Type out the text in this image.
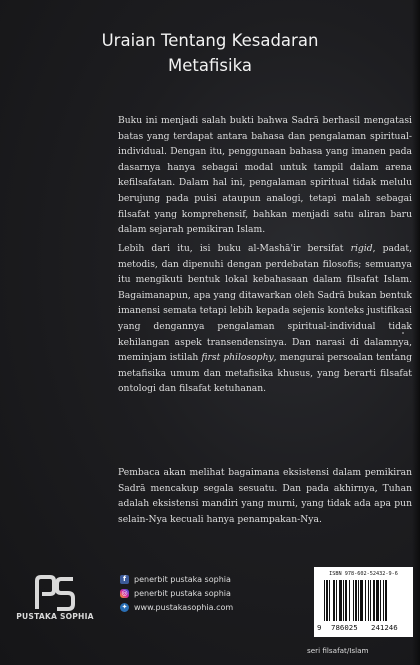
Uraian Tentang Kesadaran
Metafisika

Buku ini menjadi salah bukti bahwa Sadrā berhasil mengatasi batas yang terdapat antara bahasa dan pengalaman spiritual-individual. Dengan itu, penggunaan bahasa yang imanen pada dasarnya hanya sebagai modal untuk tampil dalam arena kefilsafatan. Dalam hal ini, pengalaman spiritual tidak melulu berujung pada puisi ataupun analogi, tetapi malah sebagai filsafat yang komprehensif, bahkan menjadi satu aliran baru dalam sejarah pemikiran Islam.

Lebih dari itu, isi buku al-Mashā'ir bersifat rigid, padat, metodis, dan dipenuhi dengan perdebatan filosofis; semuanya itu mengikuti bentuk lokal kebahasaan dalam filsafat Islam. Bagaimanapun, apa yang ditawarkan oleh Sadrā bukan bentuk imanensi semata tetapi lebih kepada sejenis konteks justifikasi yang dengannya pengalaman spiritual-individual tidak kehilangan aspek transendensinya. Dan narasi di dalamnya, meminjam istilah first philosophy, mengurai persoalan tentang metafisika umum dan metafisika khusus, yang berarti filsafat ontologi dan filsafat ketuhanan.

Pembaca akan melihat bagaimana eksistensi dalam pemikiran Sadrā mencakup segala sesuatu. Dan pada akhirnya, Tuhan adalah eksistensi mandiri yang murni, yang tidak ada apa pun selain-Nya kecuali hanya penampakan-Nya.

PUSTAKA SOPHIA
f penerbit pustaka sophia
◎ penerbit pustaka sophia
✦ www.pustakasophia.com
ISBN 978-602-52432-9-6
9 786025 241246
seri filsafat/Islam
